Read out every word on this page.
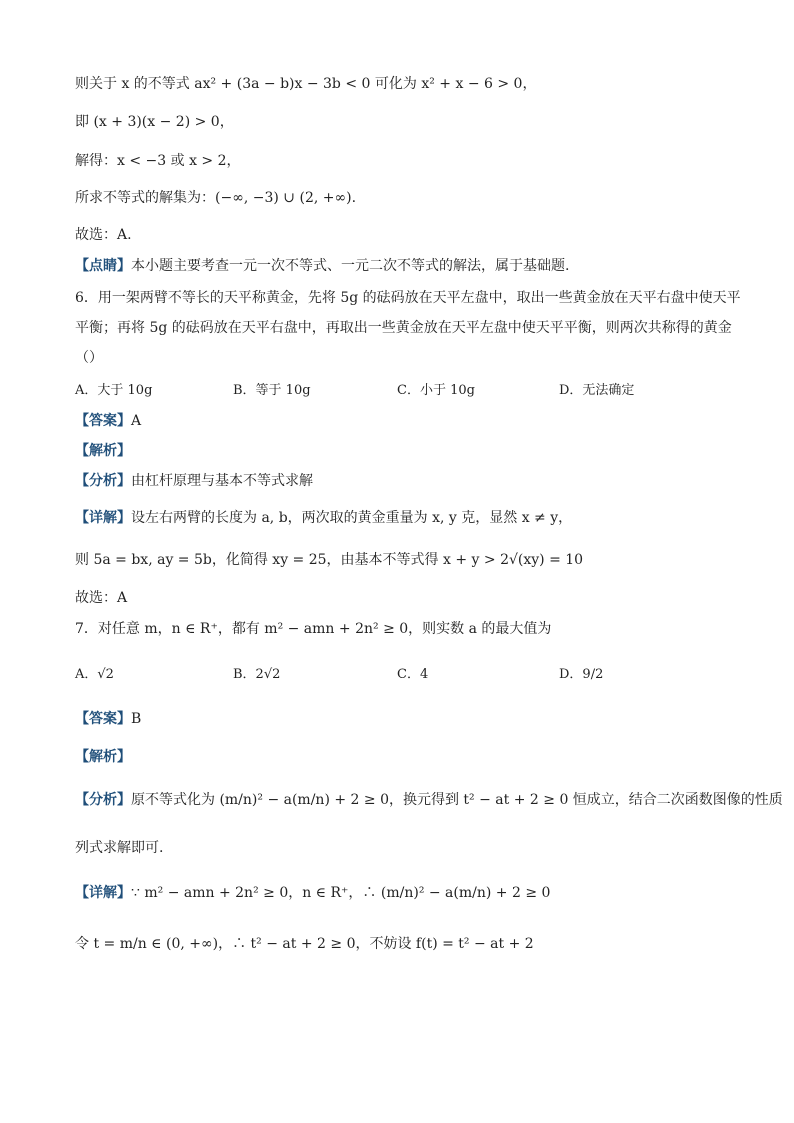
则关于 x 的不等式 ax² + (3a − b)x − 3b < 0 可化为 x² + x − 6 > 0，
即 (x + 3)(x − 2) > 0，
解得：x < −3 或 x > 2，
所求不等式的解集为：(−∞, −3) ∪ (2, +∞).
故选：A.
【点睛】本小题主要考查一元一次不等式、一元二次不等式的解法，属于基础题.
6．用一架两臂不等长的天平称黄金，先将 5g 的砝码放在天平左盘中，取出一些黄金放在天平右盘中使天平
平衡；再将 5g 的砝码放在天平右盘中，再取出一些黄金放在天平左盘中使天平平衡，则两次共称得的黄金
（）
A．大于 10g	B．等于 10g	C．小于 10g	D．无法确定
【答案】A
【解析】
【分析】由杠杆原理与基本不等式求解
【详解】设左右两臂的长度为 a, b，两次取的黄金重量为 x, y 克，显然 x ≠ y，
则 5a = bx, ay = 5b，化简得 xy = 25，由基本不等式得 x + y > 2√(xy) = 10
故选：A
7．对任意 m，n ∈ R⁺，都有 m² − amn + 2n² ≥ 0，则实数 a 的最大值为
A．√2	B．2√2	C．4	D．9/2
【答案】B
【解析】
【分析】原不等式化为 (m/n)² − a(m/n) + 2 ≥ 0，换元得到 t² − at + 2 ≥ 0 恒成立，结合二次函数图像的性质
列式求解即可.
【详解】∵ m² − amn + 2n² ≥ 0，n ∈ R⁺，∴ (m/n)² − a(m/n) + 2 ≥ 0
令 t = m/n ∈ (0, +∞)，∴ t² − at + 2 ≥ 0，不妨设 f(t) = t² − at + 2
